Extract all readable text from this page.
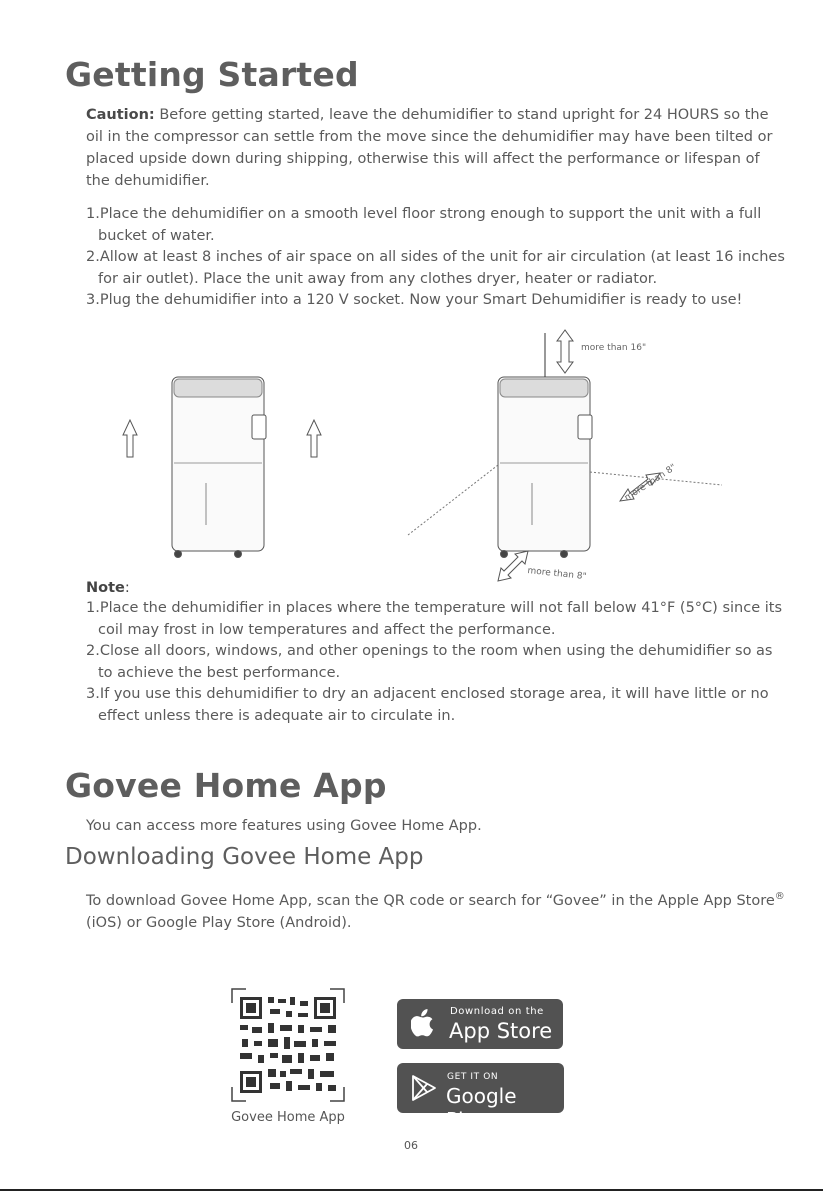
Getting Started

Caution: Before getting started, leave the dehumidifier to stand upright for 24 HOURS so the oil in the compressor can settle from the move since the dehumidifier may have been tilted or placed upside down during shipping, otherwise this will affect the performance or lifespan of the dehumidifier.

1.Place the dehumidifier on a smooth level floor strong enough to support the unit with a full bucket of water.
2.Allow at least 8 inches of air space on all sides of the unit for air circulation (at least 16 inches for air outlet). Place the unit away from any clothes dryer, heater or radiator.
3.Plug the dehumidifier into a 120 V socket. Now your Smart Dehumidifier is ready to use!
more than 16"
more than 8"
more than 8"
Note:
1.Place the dehumidifier in places where the temperature will not fall below 41°F (5°C) since its coil may frost in low temperatures and affect the performance.
2.Close all doors, windows, and other openings to the room when using the dehumidifier so as to achieve the best performance.
3.If you use this dehumidifier to dry an adjacent enclosed storage area, it will have little or no effect unless there is adequate air to circulate in.
Govee Home App

You can access more features using Govee Home App.

Downloading Govee Home App

To download Govee Home App, scan the QR code or search for “Govee” in the Apple App Store® (iOS) or Google Play Store (Android).

Govee Home App
Download on the
App Store
GET IT ON
Google Play
06
